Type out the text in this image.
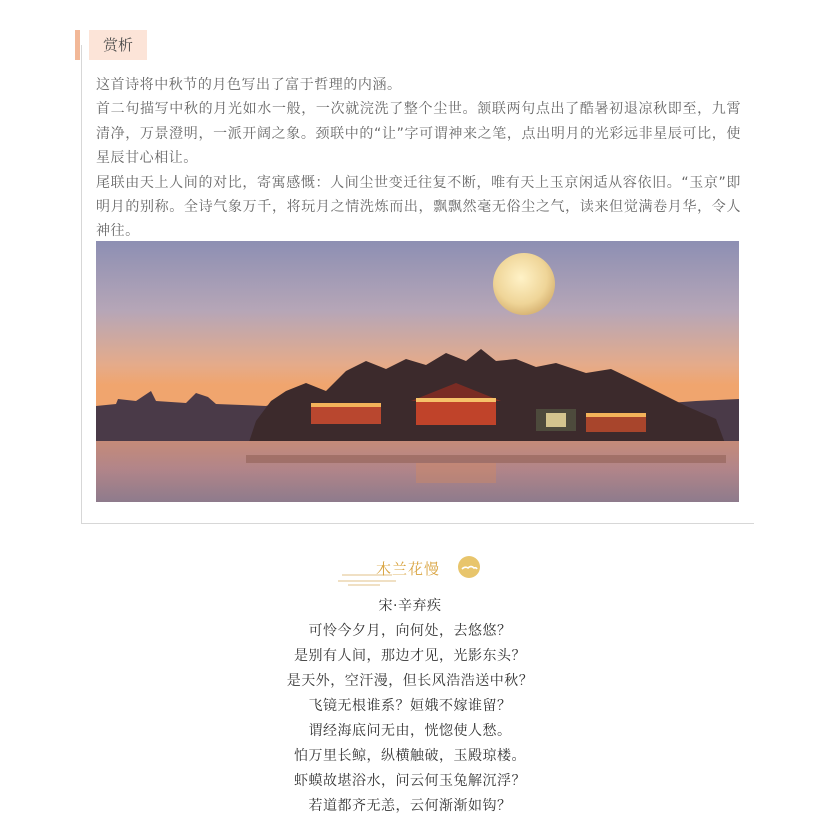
赏析

这首诗将中秋节的月色写出了富于哲理的内涵。

首二句描写中秋的月光如水一般，一次就浣洗了整个尘世。颔联两句点出了酷暑初退凉秋即至，九霄清净，万景澄明，一派开阔之象。颈联中的“让”字可谓神来之笔，点出明月的光彩远非星辰可比，使星辰甘心相让。

尾联由天上人间的对比，寄寓感慨：人间尘世变迁往复不断，唯有天上玉京闲适从容依旧。“玉京”即明月的别称。全诗气象万千，将玩月之情洗炼而出，飘飘然毫无俗尘之气，读来但觉满卷月华，令人神往。

木兰花慢
宋·辛弃疾
可怜今夕月，向何处，去悠悠？
是别有人间，那边才见，光影东头？
是天外，空汗漫，但长风浩浩送中秋？
飞镜无根谁系？姮娥不嫁谁留？
谓经海底问无由，恍惚使人愁。
怕万里长鲸，纵横触破，玉殿琼楼。
虾蟆故堪浴水，问云何玉兔解沉浮？
若道都齐无恙，云何渐渐如钩？
